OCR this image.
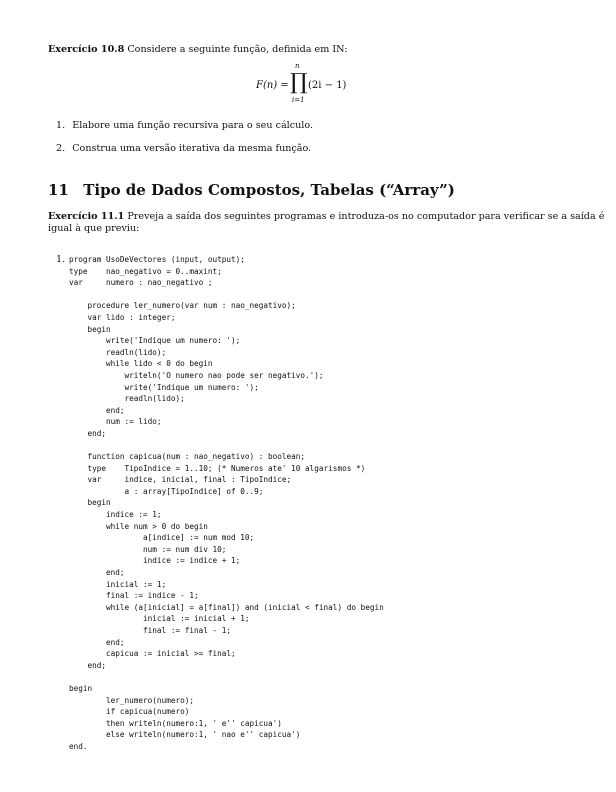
Exercício 10.8 Considere a seguinte função, definida em IN:
F(n) =
n
∏
i=1
(2i − 1)
1. Elabore uma função recursiva para o seu cálculo.
2. Construa uma versão iterativa da mesma função.
11 Tipo de Dados Compostos, Tabelas (“Array”)
Exercício 11.1 Preveja a saída dos seguintes programas e introduza-os no computador para verificar se a saída é
igual à que previu:
1. program UsoDeVectores (input, output);
type    nao_negativo = 0..maxint;
var     numero : nao_negativo ;

procedure ler_numero(var num : nao_negativo);
var lido : integer;
begin
write('Indique um numero: ');
readln(lido);
while lido < 0 do begin
writeln('O numero nao pode ser negativo.');
write('Indique um numero: ');
readln(lido);
end;
num := lido;
end;

function capicua(num : nao_negativo) : boolean;
type    TipoIndice = 1..10; (* Numeros ate' 10 algarismos *)
var     indice, inicial, final : TipoIndice;
a : array[TipoIndice] of 0..9;
begin
indice := 1;
while num > 0 do begin
a[indice] := num mod 10;
num := num div 10;
indice := indice + 1;
end;
inicial := 1;
final := indice - 1;
while (a[inicial] = a[final]) and (inicial < final) do begin
inicial := inicial + 1;
final := final - 1;
end;
capicua := inicial >= final;
end;

begin
ler_numero(numero);
if capicua(numero)
then writeln(numero:1, ' e'' capicua')
else writeln(numero:1, ' nao e'' capicua')
end.
